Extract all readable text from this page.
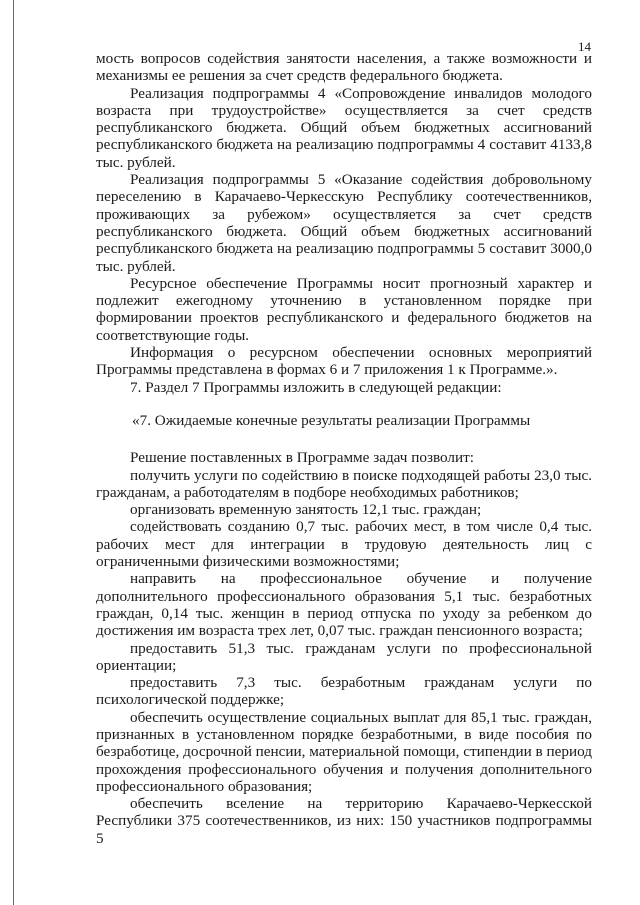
14

мость вопросов содействия занятости населения, а также возможности и механизмы ее решения за счет средств федерального бюджета.

Реализация подпрограммы 4 «Сопровождение инвалидов молодого возраста при трудоустройстве» осуществляется за счет средств республиканского бюджета. Общий объем бюджетных ассигнований республиканского бюджета на реализацию подпрограммы 4 составит 4133,8 тыс. рублей.

Реализация подпрограммы 5 «Оказание содействия добровольному переселению в Карачаево-Черкесскую Республику соотечественников, проживающих за рубежом» осуществляется за счет средств республиканского бюджета. Общий объем бюджетных ассигнований республиканского бюджета на реализацию подпрограммы 5 составит 3000,0 тыс. рублей.

Ресурсное обеспечение Программы носит прогнозный характер и подлежит ежегодному уточнению в установленном порядке при формировании проектов республиканского и федерального бюджетов на соответствующие годы.

Информация о ресурсном обеспечении основных мероприятий Программы представлена в формах 6 и 7 приложения 1 к Программе.».

7. Раздел 7 Программы изложить в следующей редакции:

«7. Ожидаемые конечные результаты реализации Программы

Решение поставленных в Программе задач позволит:

получить услуги по содействию в поиске подходящей работы 23,0 тыс. гражданам, а работодателям в подборе необходимых работников;

организовать временную занятость 12,1 тыс. граждан;

содействовать созданию 0,7 тыс. рабочих мест, в том числе 0,4 тыс. рабочих мест для интеграции в трудовую деятельность лиц с ограниченными физическими возможностями;

направить на профессиональное обучение и получение дополнительного профессионального образования 5,1 тыс. безработных граждан, 0,14 тыс. женщин в период отпуска по уходу за ребенком до достижения им возраста трех лет, 0,07 тыс. граждан пенсионного возраста;

предоставить 51,3 тыс. гражданам услуги по профессиональной ориентации;

предоставить 7,3 тыс. безработным гражданам услуги по психологической поддержке;

обеспечить осуществление социальных выплат для 85,1 тыс. граждан, признанных в установленном порядке безработными, в виде пособия по безработице, досрочной пенсии, материальной помощи, стипендии в период прохождения профессионального обучения и получения дополнительного профессионального образования;

обеспечить вселение на территорию Карачаево-Черкесской Республики 375 соотечественников, из них: 150 участников подпрограммы 5
